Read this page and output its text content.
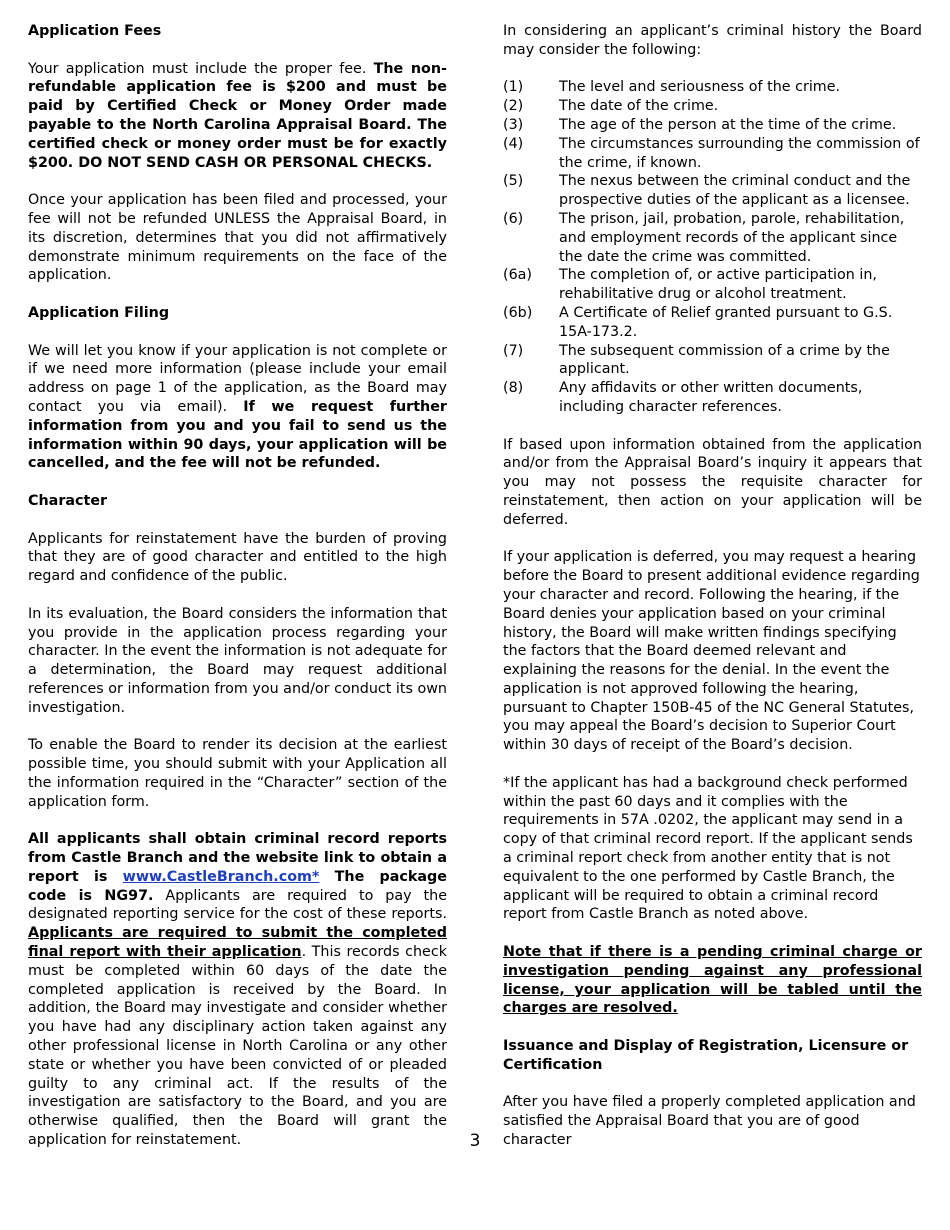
Application Fees

Your application must include the proper fee. The non-refundable application fee is $200 and must be paid by Certified Check or Money Order made payable to the North Carolina Appraisal Board. The certified check or money order must be for exactly $200. DO NOT SEND CASH OR PERSONAL CHECKS.

Once your application has been filed and processed, your fee will not be refunded UNLESS the Appraisal Board, in its discretion, determines that you did not affirmatively demonstrate minimum requirements on the face of the application.

Application Filing

We will let you know if your application is not complete or if we need more information (please include your email address on page 1 of the application, as the Board may contact you via email). If we request further information from you and you fail to send us the information within 90 days, your application will be cancelled, and the fee will not be refunded.

Character

Applicants for reinstatement have the burden of proving that they are of good character and entitled to the high regard and confidence of the public.

In its evaluation, the Board considers the information that you provide in the application process regarding your character. In the event the information is not adequate for a determination, the Board may request additional references or information from you and/or conduct its own investigation.

To enable the Board to render its decision at the earliest possible time, you should submit with your Application all the information required in the “Character” section of the application form.

All applicants shall obtain criminal record reports from Castle Branch and the website link to obtain a report is www.CastleBranch.com* The package code is NG97. Applicants are required to pay the designated reporting service for the cost of these reports. Applicants are required to submit the completed final report with their application. This records check must be completed within 60 days of the date the completed application is received by the Board. In addition, the Board may investigate and consider whether you have had any disciplinary action taken against any other professional license in North Carolina or any other state or whether you have been convicted of or pleaded guilty to any criminal act. If the results of the investigation are satisfactory to the Board, and you are otherwise qualified, then the Board will grant the application for reinstatement.

In considering an applicant’s criminal history the Board may consider the following:

(1)	The level and seriousness of the crime.
(2)	The date of the crime.
(3)	The age of the person at the time of the crime.
(4)	The circumstances surrounding the commission of the crime, if known.
(5)	The nexus between the criminal conduct and the prospective duties of the applicant as a licensee.
(6)	The prison, jail, probation, parole, rehabilitation, and employment records of the applicant since the date the crime was committed.
(6a)	The completion of, or active participation in, rehabilitative drug or alcohol treatment.
(6b)	A Certificate of Relief granted pursuant to G.S. 15A-173.2.
(7)	The subsequent commission of a crime by the applicant.
(8)	Any affidavits or other written documents, including character references.

If based upon information obtained from the application and/or from the Appraisal Board’s inquiry it appears that you may not possess the requisite character for reinstatement, then action on your application will be deferred.

If your application is deferred, you may request a hearing before the Board to present additional evidence regarding your character and record. Following the hearing, if the Board denies your application based on your criminal history, the Board will make written findings specifying the factors that the Board deemed relevant and explaining the reasons for the denial. In the event the application is not approved following the hearing, pursuant to Chapter 150B-45 of the NC General Statutes, you may appeal the Board’s decision to Superior Court within 30 days of receipt of the Board’s decision.

*If the applicant has had a background check performed within the past 60 days and it complies with the requirements in 57A .0202, the applicant may send in a copy of that criminal record report. If the applicant sends a criminal report check from another entity that is not equivalent to the one performed by Castle Branch, the applicant will be required to obtain a criminal record report from Castle Branch as noted above.

Note that if there is a pending criminal charge or investigation pending against any professional license, your application will be tabled until the charges are resolved.

Issuance and Display of Registration, Licensure or Certification

After you have filed a properly completed application and satisfied the Appraisal Board that you are of good character

3
